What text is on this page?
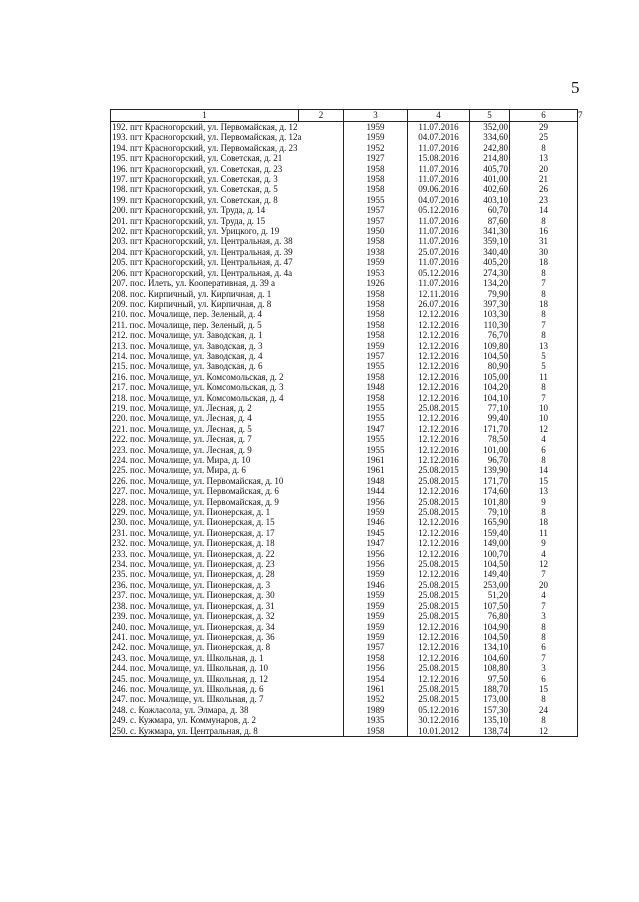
5
1	2	3	4	5	6	7
192. пгт Красногорский, ул. Первомайская, д. 12		1959	11.07.2016	352,00	29	
193. пгт Красногорский, ул. Первомайская, д. 12а		1959	04.07.2016	334,60	25	
194. пгт Красногорский, ул. Первомайская, д. 23		1952	11.07.2016	242,80	8	
195. пгт Красногорский, ул. Советская, д. 21		1927	15.08.2016	214,80	13	
196. пгт Красногорский, ул. Советская, д. 23		1958	11.07.2016	405,70	20	
197. пгт Красногорский, ул. Советская, д. 3		1958	11.07.2016	401,00	21	
198. пгт Красногорский, ул. Советская, д. 5		1958	09.06.2016	402,60	26	
199. пгт Красногорский, ул. Советская, д. 8		1955	04.07.2016	403,10	23	
200. пгт Красногорский, ул. Труда, д. 14		1957	05.12.2016	60,70	14	
201. пгт Красногорский, ул. Труда, д. 15		1957	11.07.2016	87,60	8	
202. пгт Красногорский, ул. Урицкого, д. 19		1950	11.07.2016	341,30	16	
203. пгт Красногорский, ул. Центральная, д. 38		1958	11.07.2016	359,10	31	
204. пгт Красногорский, ул. Центральная, д. 39		1938	25.07.2016	340,40	30	
205. пгт Красногорский, ул. Центральная, д. 47		1959	11.07.2016	405,20	18	
206. пгт Красногорский, ул. Центральная, д. 4а		1953	05.12.2016	274,30	8	
207. пос. Илеть, ул. Кооперативная, д. 39 а		1926	11.07.2016	134,20	7	
208. пос. Кирпичный, ул. Кирпичная, д. 1		1958	12.11.2016	79,90	8	
209. пос. Кирпичный, ул. Кирпичная, д. 8		1958	26.07.2016	397,30	18	
210. пос. Мочалище, пер. Зеленый, д. 4		1958	12.12.2016	103,30	8	
211. пос. Мочалище, пер. Зеленый, д. 5		1958	12.12.2016	110,30	7	
212. пос. Мочалище, ул. Заводская, д. 1		1958	12.12.2016	76,70	8	
213. пос. Мочалище, ул. Заводская, д. 3		1959	12.12.2016	109,80	13	
214. пос. Мочалище, ул. Заводская, д. 4		1957	12.12.2016	104,50	5	
215. пос. Мочалище, ул. Заводская, д. 6		1955	12.12.2016	80,90	5	
216. пос. Мочалище, ул. Комсомольская, д. 2		1958	12.12.2016	105,00	11	
217. пос. Мочалище, ул. Комсомольская, д. 3		1948	12.12.2016	104,20	8	
218. пос. Мочалище, ул. Комсомольская, д. 4		1958	12.12.2016	104,10	7	
219. пос. Мочалище, ул. Лесная, д. 2		1955	25.08.2015	77,10	10	
220. пос. Мочалище, ул. Лесная, д. 4		1955	12.12.2016	99,40	10	
221. пос. Мочалище, ул. Лесная, д. 5		1947	12.12.2016	171,70	12	
222. пос. Мочалище, ул. Лесная, д. 7		1955	12.12.2016	78,50	4	
223. пос. Мочалище, ул. Лесная, д. 9		1955	12.12.2016	101,00	6	
224. пос. Мочалище, ул. Мира, д. 10		1961	12.12.2016	96,70	8	
225. пос. Мочалище, ул. Мира, д. 6		1961	25.08.2015	139,90	14	
226. пос. Мочалище, ул. Первомайская, д. 10		1948	25.08.2015	171,70	15	
227. пос. Мочалище, ул. Первомайская, д. 6		1944	12.12.2016	174,60	13	
228. пос. Мочалище, ул. Первомайская, д. 9		1956	25.08.2015	101,80	9	
229. пос. Мочалище, ул. Пионерская, д. 1		1959	25.08.2015	79,10	8	
230. пос. Мочалище, ул. Пионерская, д. 15		1946	12.12.2016	165,90	18	
231. пос. Мочалище, ул. Пионерская, д. 17		1945	12.12.2016	159,40	11	
232. пос. Мочалище, ул. Пионерская, д. 18		1947	12.12.2016	149,00	9	
233. пос. Мочалище, ул. Пионерская, д. 22		1956	12.12.2016	100,70	4	
234. пос. Мочалище, ул. Пионерская, д. 23		1956	25.08.2015	104,50	12	
235. пос. Мочалище, ул. Пионерская, д. 28		1959	12.12.2016	149,40	7	
236. пос. Мочалище, ул. Пионерская, д. 3		1946	25.08.2015	253,00	20	
237. пос. Мочалище, ул. Пионерская, д. 30		1959	25.08.2015	51,20	4	
238. пос. Мочалище, ул. Пионерская, д. 31		1959	25.08.2015	107,50	7	
239. пос. Мочалище, ул. Пионерская, д. 32		1959	25.08.2015	76,80	3	
240. пос. Мочалище, ул. Пионерская, д. 34		1959	12.12.2016	104,90	8	
241. пос. Мочалище, ул. Пионерская, д. 36		1959	12.12.2016	104,50	8	
242. пос. Мочалище, ул. Пионерская, д. 8		1957	12.12.2016	134,10	6	
243. пос. Мочалище, ул. Школьная, д. 1		1958	12.12.2016	104,60	7	
244. пос. Мочалище, ул. Школьная, д. 10		1956	25.08.2015	108,80	3	
245. пос. Мочалище, ул. Школьная, д. 12		1954	12.12.2016	97,50	6	
246. пос. Мочалище, ул. Школьная, д. 6		1961	25.08.2015	188,70	15	
247. пос. Мочалище, ул. Школьная, д. 7		1952	25.08.2015	173,00	8	
248. с. Кожласола, ул. Элмара, д. 38		1989	05.12.2016	157,30	24	
249. с. Кужмара, ул. Коммунаров, д. 2		1935	30.12.2016	135,10	8	
250. с. Кужмара, ул. Центральная, д. 8		1958	10.01.2012	138,74	12	
